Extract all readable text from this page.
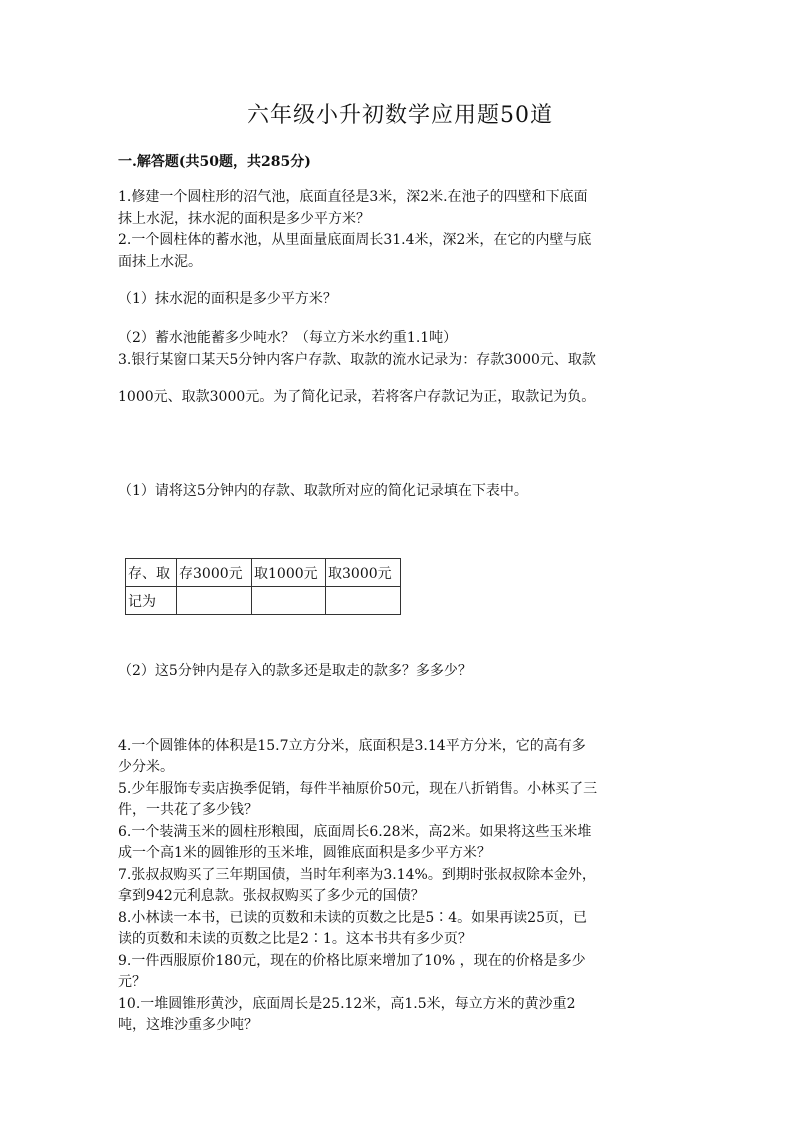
六年级小升初数学应用题50道
一.解答题(共50题，共285分)
1.修建一个圆柱形的沼气池，底面直径是3米，深2米.在池子的四壁和下底面
抹上水泥，抹水泥的面积是多少平方米？
2.一个圆柱体的蓄水池，从里面量底面周长31.4米，深2米，在它的内壁与底
面抹上水泥。
（1）抹水泥的面积是多少平方米？
（2）蓄水池能蓄多少吨水？（每立方米水约重1.1吨）
3.银行某窗口某天5分钟内客户存款、取款的流水记录为：存款3000元、取款
1000元、取款3000元。为了简化记录，若将客户存款记为正，取款记为负。
（1）请将这5分钟内的存款、取款所对应的简化记录填在下表中。
存、取	存3000元	取1000元	取3000元
记为			
（2）这5分钟内是存入的款多还是取走的款多？多多少？
4.一个圆锥体的体积是15.7立方分米，底面积是3.14平方分米，它的高有多
少分米。
5.少年服饰专卖店换季促销，每件半袖原价50元，现在八折销售。小林买了三
件，一共花了多少钱？
6.一个装满玉米的圆柱形粮囤，底面周长6.28米，高2米。如果将这些玉米堆
成一个高1米的圆锥形的玉米堆，圆锥底面积是多少平方米？
7.张叔叔购买了三年期国债，当时年利率为3.14%。到期时张叔叔除本金外，
拿到942元利息款。张叔叔购买了多少元的国债？
8.小林读一本书，已读的页数和未读的页数之比是5∶4。如果再读25页，已
读的页数和未读的页数之比是2∶1。这本书共有多少页？
9.一件西服原价180元，现在的价格比原来增加了10% ，现在的价格是多少
元？
10.一堆圆锥形黄沙，底面周长是25.12米，高1.5米，每立方米的黄沙重2
吨，这堆沙重多少吨？
